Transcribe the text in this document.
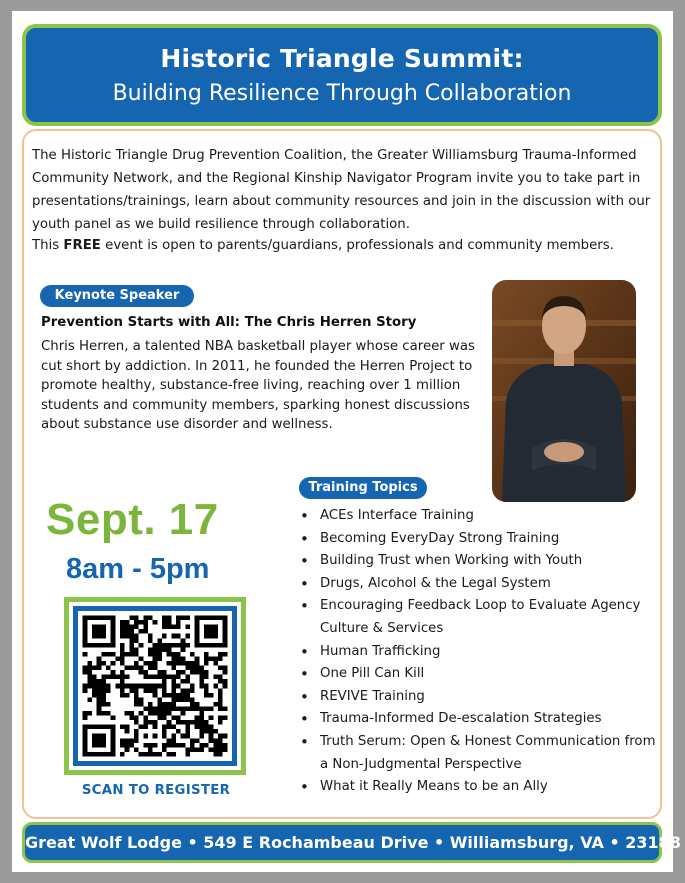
Historic Triangle Summit:
Building Resilience Through Collaboration

The Historic Triangle Drug Prevention Coalition, the Greater Williamsburg Trauma-Informed Community Network, and the Regional Kinship Navigator Program invite you to take part in presentations/trainings, learn about community resources and join in the discussion with our youth panel as we build resilience through collaboration.

This FREE event is open to parents/guardians, professionals and community members.

Keynote Speaker

Prevention Starts with All: The Chris Herren Story

Chris Herren, a talented NBA basketball player whose career was cut short by addiction. In 2011, he founded the Herren Project to promote healthy, substance-free living, reaching over 1 million students and community members, sparking honest discussions about substance use disorder and wellness.

Sept. 17
8am - 5pm
SCAN TO REGISTER
Training Topics
• ACEs Interface Training
• Becoming EveryDay Strong Training
• Building Trust when Working with Youth
• Drugs, Alcohol & the Legal System
• Encouraging Feedback Loop to Evaluate Agency Culture & Services
• Human Trafficking
• One Pill Can Kill
• REVIVE Training
• Trauma-Informed De-escalation Strategies
• Truth Serum: Open & Honest Communication from a Non-Judgmental Perspective
• What it Really Means to be an Ally
Great Wolf Lodge • 549 E Rochambeau Drive • Williamsburg, VA • 23188
